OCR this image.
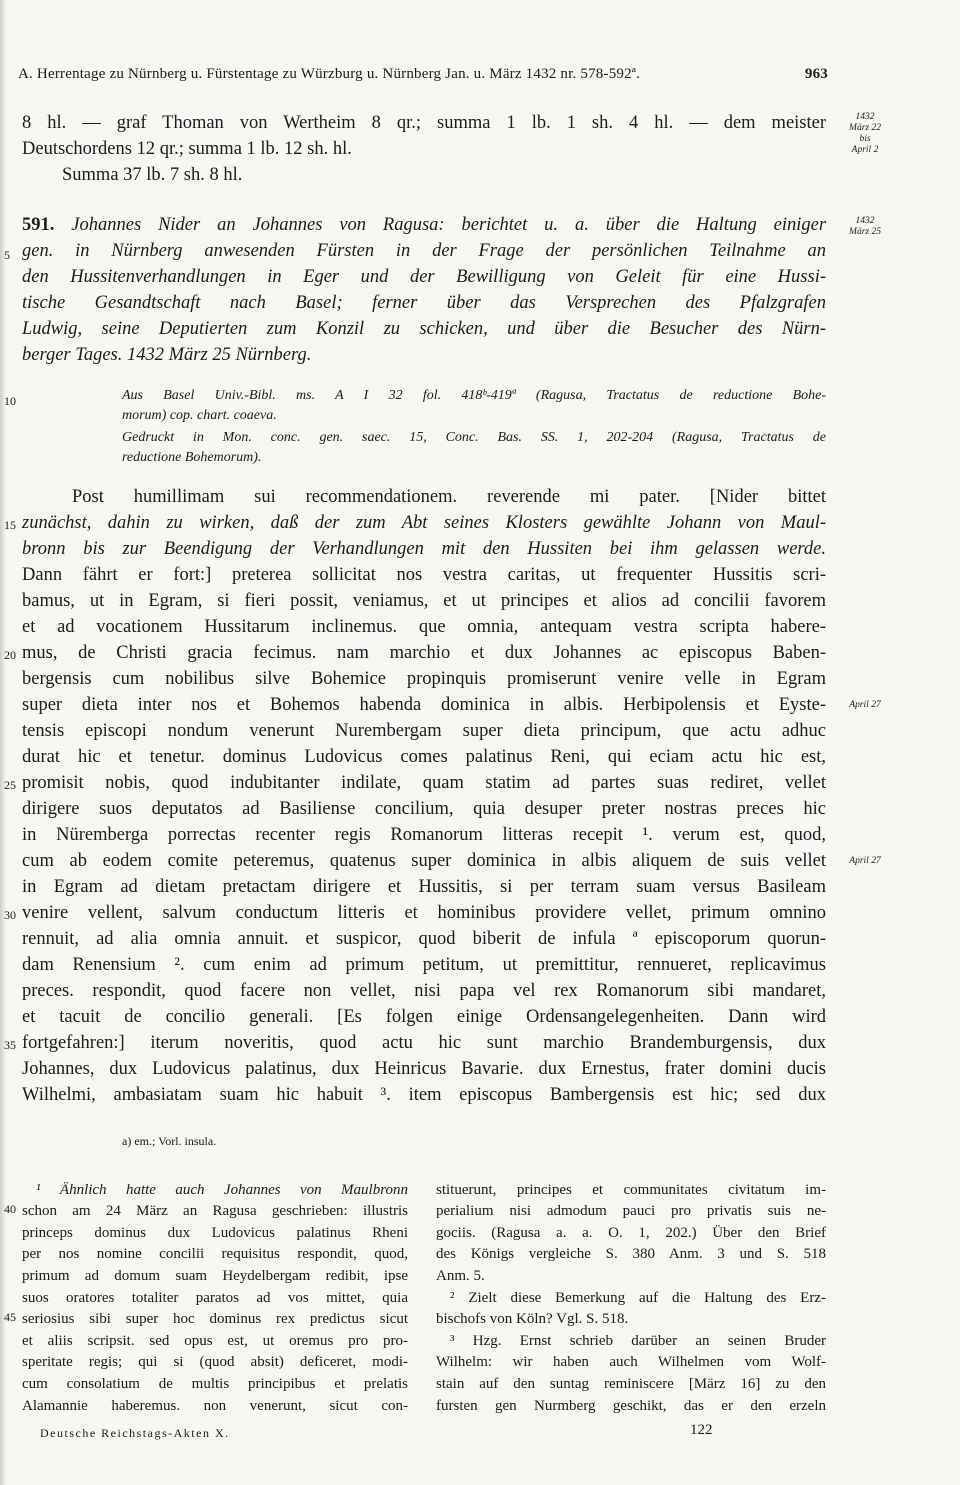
A. Herrentage zu Nürnberg u. Fürstentage zu Würzburg u. Nürnberg Jan. u. März 1432 nr. 578-592ª.	963
8 hl. — graf Thoman von Wertheim 8 qr.; summa 1 lb. 1 sh. 4 hl. — dem meister
Deutschordens 12 qr.; summa 1 lb. 12 sh. hl.
Summa 37 lb. 7 sh. 8 hl.
1432
März 22
bis
April 2
591. Johannes Nider an Johannes von Ragusa: berichtet u. a. über die Haltung einiger
gen. in Nürnberg anwesenden Fürsten in der Frage der persönlichen Teilnahme an
den Hussitenverhandlungen in Eger und der Bewilligung von Geleit für eine Hussi-
tische Gesandtschaft nach Basel; ferner über das Versprechen des Pfalzgrafen
Ludwig, seine Deputierten zum Konzil zu schicken, und über die Besucher des Nürn-
berger Tages. 1432 März 25 Nürnberg.
1432
März 25
Aus Basel Univ.-Bibl. ms. A I 32 fol. 418ᵇ-419ª (Ragusa, Tractatus de reductione Bohe-
morum) cop. chart. coaeva.
Gedruckt in Mon. conc. gen. saec. 15, Conc. Bas. SS. 1, 202-204 (Ragusa, Tractatus de
reductione Bohemorum).
Post humillimam sui recommendationem. reverende mi pater. [Nider bittet
zunächst, dahin zu wirken, daß der zum Abt seines Klosters gewählte Johann von Maul-
bronn bis zur Beendigung der Verhandlungen mit den Hussiten bei ihm gelassen werde.
Dann fährt er fort:] preterea sollicitat nos vestra caritas, ut frequenter Hussitis scri-
bamus, ut in Egram, si fieri possit, veniamus, et ut principes et alios ad concilii favorem
et ad vocationem Hussitarum inclinemus. que omnia, antequam vestra scripta habere-
mus, de Christi gracia fecimus. nam marchio et dux Johannes ac episcopus Baben-
bergensis cum nobilibus silve Bohemice propinquis promiserunt venire velle in Egram
super dieta inter nos et Bohemos habenda dominica in albis. Herbipolensis et Eyste-
tensis episcopi nondum venerunt Nurembergam super dieta principum, que actu adhuc
durat hic et tenetur. dominus Ludovicus comes palatinus Reni, qui eciam actu hic est,
promisit nobis, quod indubitanter indilate, quam statim ad partes suas rediret, vellet
dirigere suos deputatos ad Basiliense concilium, quia desuper preter nostras preces hic
in Nüremberga porrectas recenter regis Romanorum litteras recepit ¹. verum est, quod,
cum ab eodem comite peteremus, quatenus super dominica in albis aliquem de suis vellet
in Egram ad dietam pretactam dirigere et Hussitis, si per terram suam versus Basileam
venire vellent, salvum conductum litteris et hominibus providere vellet, primum omnino
rennuit, ad alia omnia annuit. et suspicor, quod biberit de infula ª episcoporum quorun-
dam Renensium ². cum enim ad primum petitum, ut premittitur, rennueret, replicavimus
preces. respondit, quod facere non vellet, nisi papa vel rex Romanorum sibi mandaret,
et tacuit de concilio generali. [Es folgen einige Ordensangelegenheiten. Dann wird
fortgefahren:] iterum noveritis, quod actu hic sunt marchio Brandemburgensis, dux
Johannes, dux Ludovicus palatinus, dux Heinricus Bavarie. dux Ernestus, frater domini ducis
Wilhelmi, ambasiatam suam hic habuit ³. item episcopus Bambergensis est hic; sed dux
5
10
15
20
25
30
35
40
45
April 27
April 27
a) em.; Vorl. insula.
¹ Ähnlich hatte auch Johannes von Maulbronn
schon am 24 März an Ragusa geschrieben: illustris
princeps dominus dux Ludovicus palatinus Rheni
per nos nomine concilii requisitus respondit, quod,
primum ad domum suam Heydelbergam redibit, ipse
suos oratores totaliter paratos ad vos mittet, quia
seriosius sibi super hoc dominus rex predictus sicut
et aliis scripsit. sed opus est, ut oremus pro pro-
speritate regis; qui si (quod absit) deficeret, modi-
cum consolatium de multis principibus et prelatis
Alamannie haberemus. non venerunt, sicut con-
stituerunt, principes et communitates civitatum im-
perialium nisi admodum pauci pro privatis suis ne-
gociis. (Ragusa a. a. O. 1, 202.) Über den Brief
des Königs vergleiche S. 380 Anm. 3 und S. 518
Anm. 5.
² Zielt diese Bemerkung auf die Haltung des Erz-
bischofs von Köln? Vgl. S. 518.
³ Hzg. Ernst schrieb darüber an seinen Bruder
Wilhelm: wir haben auch Wilhelmen vom Wolf-
stain auf den suntag reminiscere [März 16] zu den
fursten gen Nurmberg geschikt, das er den erzeln
Deutsche Reichstags-Akten X.	122
